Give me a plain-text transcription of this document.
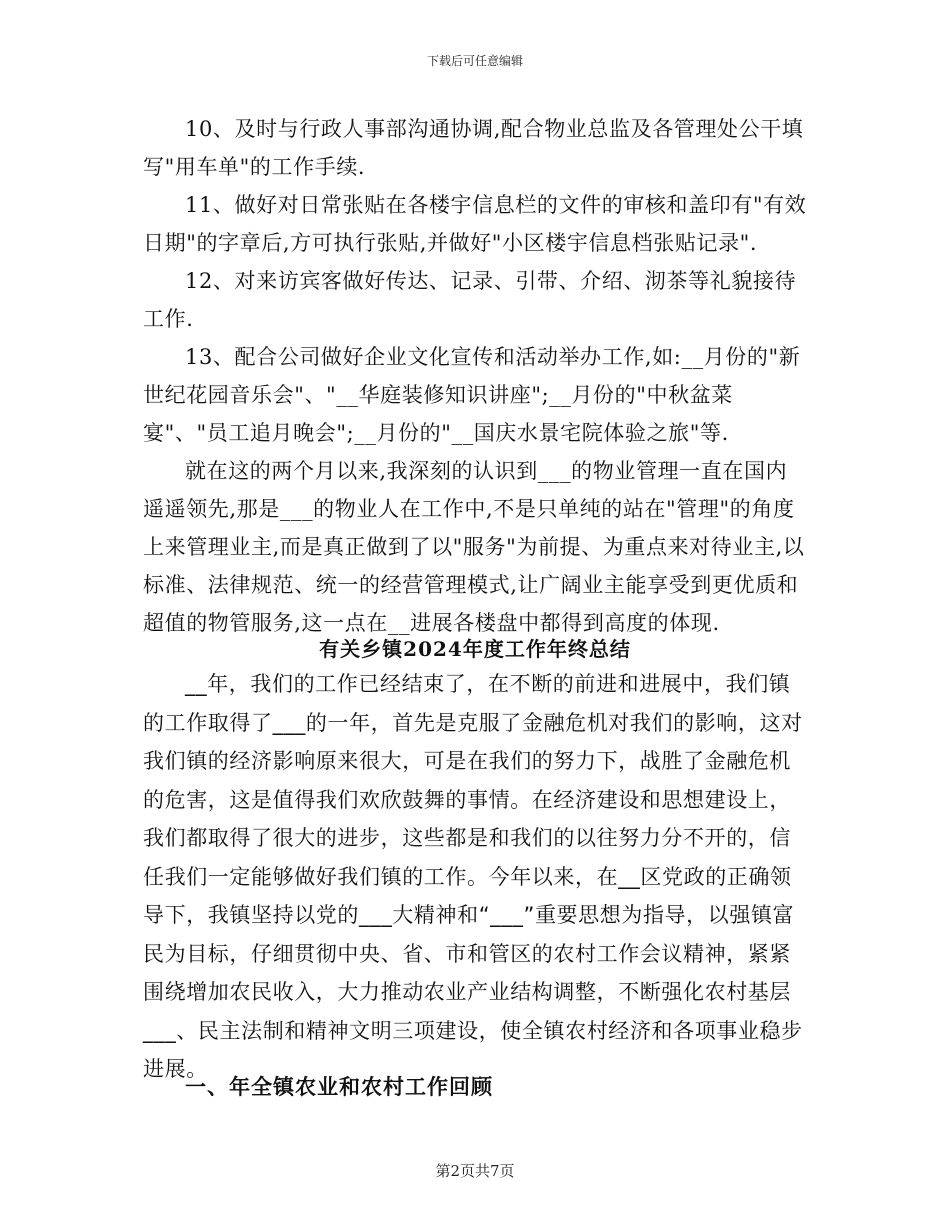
下载后可任意编辑

10、及时与行政人事部沟通协调,配合物业总监及各管理处公干填写"用车单"的工作手续.

11、做好对日常张贴在各楼宇信息栏的文件的审核和盖印有"有效日期"的字章后,方可执行张贴,并做好"小区楼宇信息档张贴记录".

12、对来访宾客做好传达、记录、引带、介绍、沏茶等礼貌接待工作.

13、配合公司做好企业文化宣传和活动举办工作,如:__月份的"新世纪花园音乐会"、"__华庭装修知识讲座";__月份的"中秋盆菜宴"、"员工追月晚会";__月份的"__国庆水景宅院体验之旅"等.

就在这的两个月以来,我深刻的认识到___的物业管理一直在国内遥遥领先,那是___的物业人在工作中,不是只单纯的站在"管理"的角度上来管理业主,而是真正做到了以"服务"为前提、为重点来对待业主,以标准、法律规范、统一的经营管理模式,让广阔业主能享受到更优质和超值的物管服务,这一点在__进展各楼盘中都得到高度的体现.

有关乡镇2024年度工作年终总结

__年，我们的工作已经结束了，在不断的前进和进展中，我们镇的工作取得了___的一年，首先是克服了金融危机对我们的影响，这对我们镇的经济影响原来很大，可是在我们的努力下，战胜了金融危机的危害，这是值得我们欢欣鼓舞的事情。在经济建设和思想建设上，我们都取得了很大的进步，这些都是和我们的以往努力分不开的，信任我们一定能够做好我们镇的工作。今年以来，在__区党政的正确领导下，我镇坚持以党的___大精神和“___”重要思想为指导，以强镇富民为目标，仔细贯彻中央、省、市和管区的农村工作会议精神，紧紧围绕增加农民收入，大力推动农业产业结构调整，不断强化农村基层___、民主法制和精神文明三项建设，使全镇农村经济和各项事业稳步进展。

一、年全镇农业和农村工作回顾
第2页共7页
